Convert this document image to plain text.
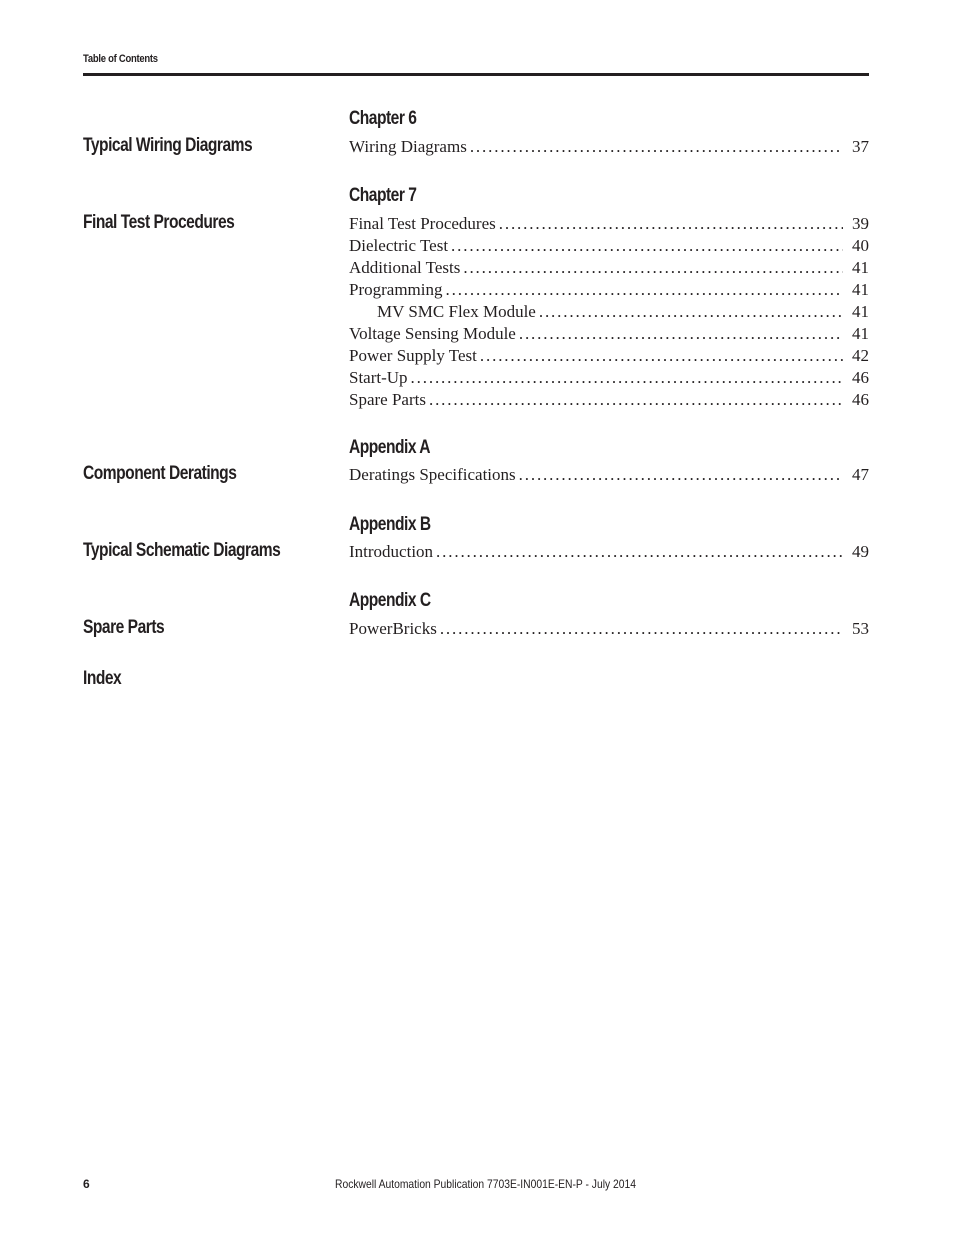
Table of Contents
Chapter 6
Typical Wiring Diagrams	Wiring Diagrams . . .	37
Chapter 7
Final Test Procedures	Final Test Procedures . . .	39
Dielectric Test . . .	40
Additional Tests . . .	41
Programming . . .	41
MV SMC Flex Module . . .	41
Voltage Sensing Module . . .	41
Power Supply Test . . .	42
Start-Up . . .	46
Spare Parts . . .	46
Appendix A
Component Deratings	Deratings Specifications . . .	47
Appendix B
Typical Schematic Diagrams	Introduction . . .	49
Appendix C
Spare Parts	PowerBricks . . .	53
Index
6	Rockwell Automation Publication 7703E-IN001E-EN-P - July 2014
